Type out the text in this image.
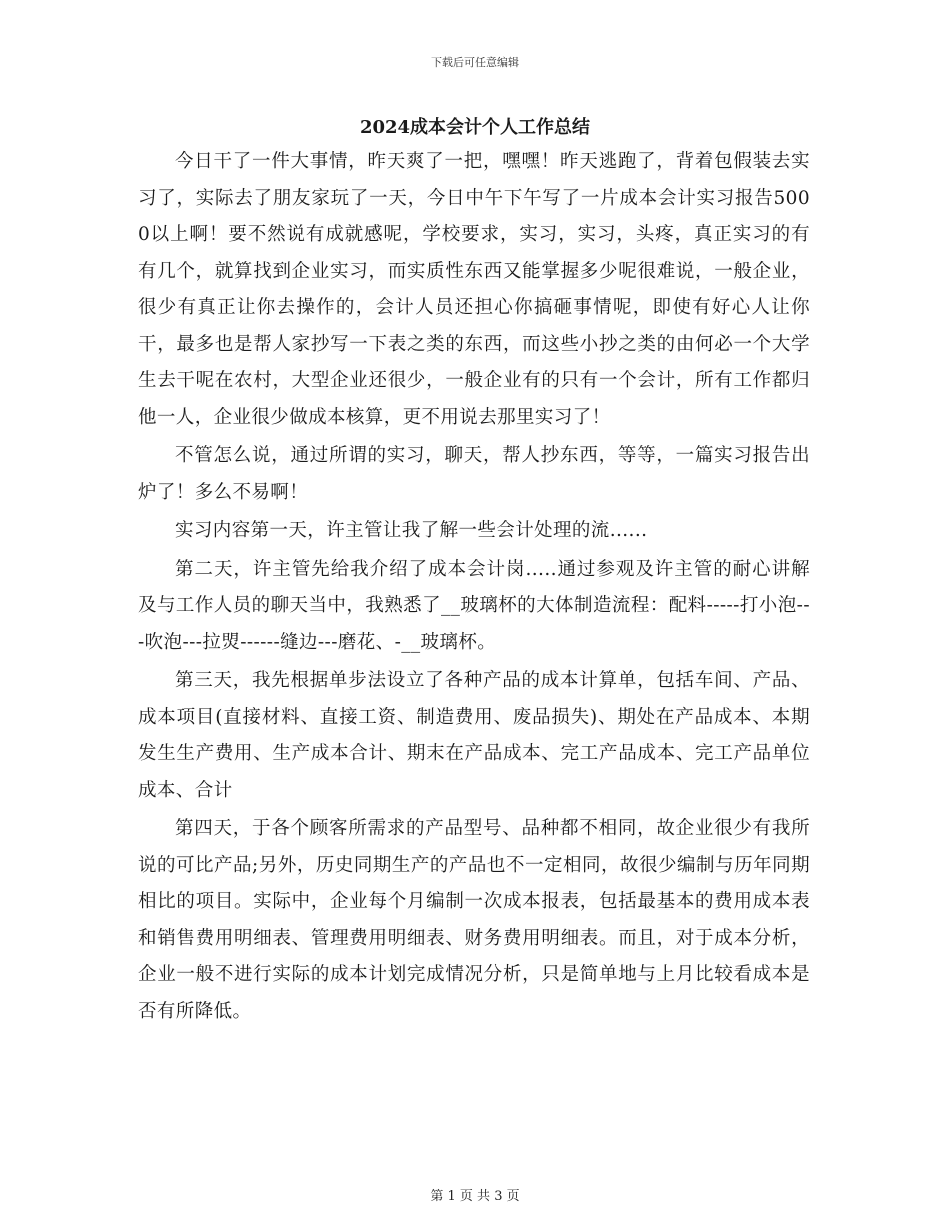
下载后可任意编辑
2024成本会计个人工作总结

今日干了一件大事情，昨天爽了一把，嘿嘿！昨天逃跑了，背着包假装去实习了，实际去了朋友家玩了一天，今日中午下午写了一片成本会计实习报告5000以上啊！要不然说有成就感呢，学校要求，实习，实习，头疼，真正实习的有有几个，就算找到企业实习，而实质性东西又能掌握多少呢很难说，一般企业，很少有真正让你去操作的，会计人员还担心你搞砸事情呢，即使有好心人让你干，最多也是帮人家抄写一下表之类的东西，而这些小抄之类的由何必一个大学生去干呢在农村，大型企业还很少，一般企业有的只有一个会计，所有工作都归他一人，企业很少做成本核算，更不用说去那里实习了！

不管怎么说，通过所谓的实习，聊天，帮人抄东西，等等，一篇实习报告出炉了！多么不易啊！

实习内容第一天，许主管让我了解一些会计处理的流......

第二天，许主管先给我介绍了成本会计岗.....通过参观及许主管的耐心讲解及与工作人员的聊天当中，我熟悉了__玻璃杯的大体制造流程：配料-----打小泡---吹泡---拉焽------缝边---磨花、-__玻璃杯。

第三天，我先根据单步法设立了各种产品的成本计算单，包括车间、产品、成本项目(直接材料、直接工资、制造费用、废品损失)、期处在产品成本、本期发生生产费用、生产成本合计、期末在产品成本、完工产品成本、完工产品单位成本、合计

第四天，于各个顾客所需求的产品型号、品种都不相同，故企业很少有我所说的可比产品;另外，历史同期生产的产品也不一定相同，故很少编制与历年同期相比的项目。实际中，企业每个月编制一次成本报表，包括最基本的费用成本表和销售费用明细表、管理费用明细表、财务费用明细表。而且，对于成本分析，企业一般不进行实际的成本计划完成情况分析，只是简单地与上月比较看成本是否有所降低。

第 1 页 共 3 页
